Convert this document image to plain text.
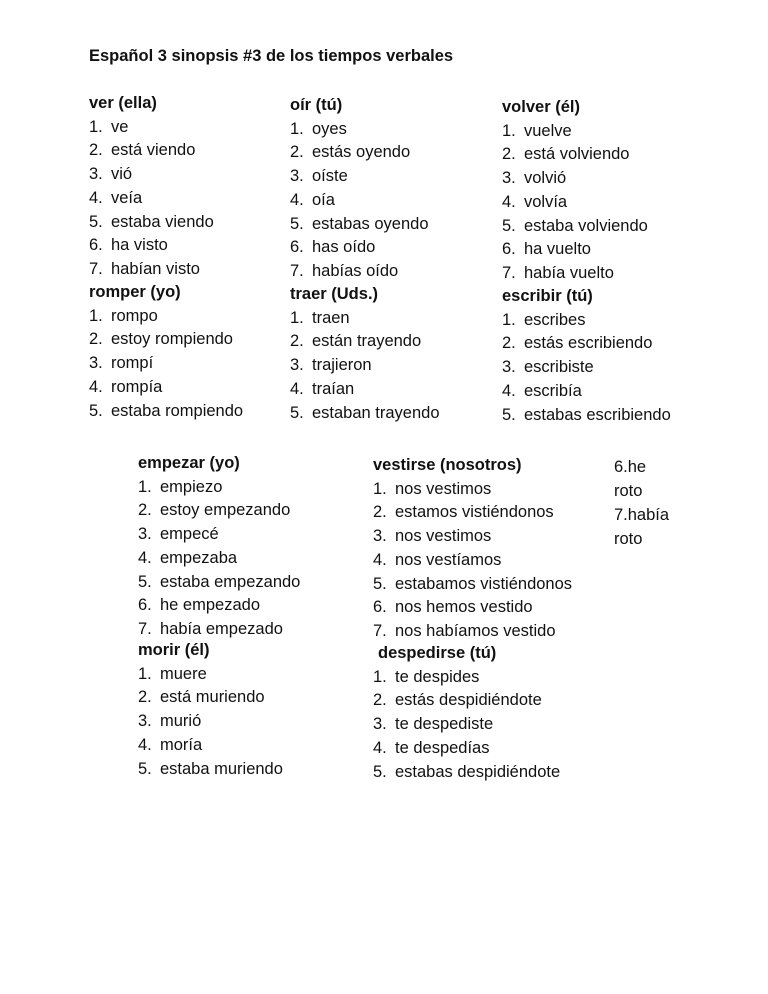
Español 3 sinopsis #3 de los tiempos verbales
ver (ella)
1. ve
2. está viendo
3. vió
4. veía
5. estaba viendo
6. ha visto
7. habían visto
oír (tú)
1. oyes
2. estás oyendo
3. oíste
4. oía
5. estabas oyendo
6. has oído
7. habías oído
volver (él)
1. vuelve
2. está volviendo
3. volvió
4. volvía
5. estaba volviendo
6. ha vuelto
7. había vuelto
romper (yo)
1. rompo
2. estoy rompiendo
3. rompí
4. rompía
5. estaba rompiendo
traer (Uds.)
1. traen
2. están trayendo
3. trajieron
4. traían
5. estaban trayendo
escribir (tú)
1. escribes
2. estás escribiendo
3. escribiste
4. escribía
5. estabas escribiendo
empezar (yo)
1. empiezo
2. estoy empezando
3. empecé
4. empezaba
5. estaba empezando
6. he empezado
7. había empezado
vestirse (nosotros)
1. nos vestimos
2. estamos vistiéndonos
3. nos vestimos
4. nos vestíamos
5. estabamos vistiéndonos
6. nos hemos vestido
7. nos habíamos vestido
morir (él)
1. muere
2. está muriendo
3. murió
4. moría
5. estaba muriendo
despedirse (tú)
1. te despides
2. estás despidiéndote
3. te despediste
4. te despedías
5. estabas despidiéndote
6.he
roto
7.había
roto
